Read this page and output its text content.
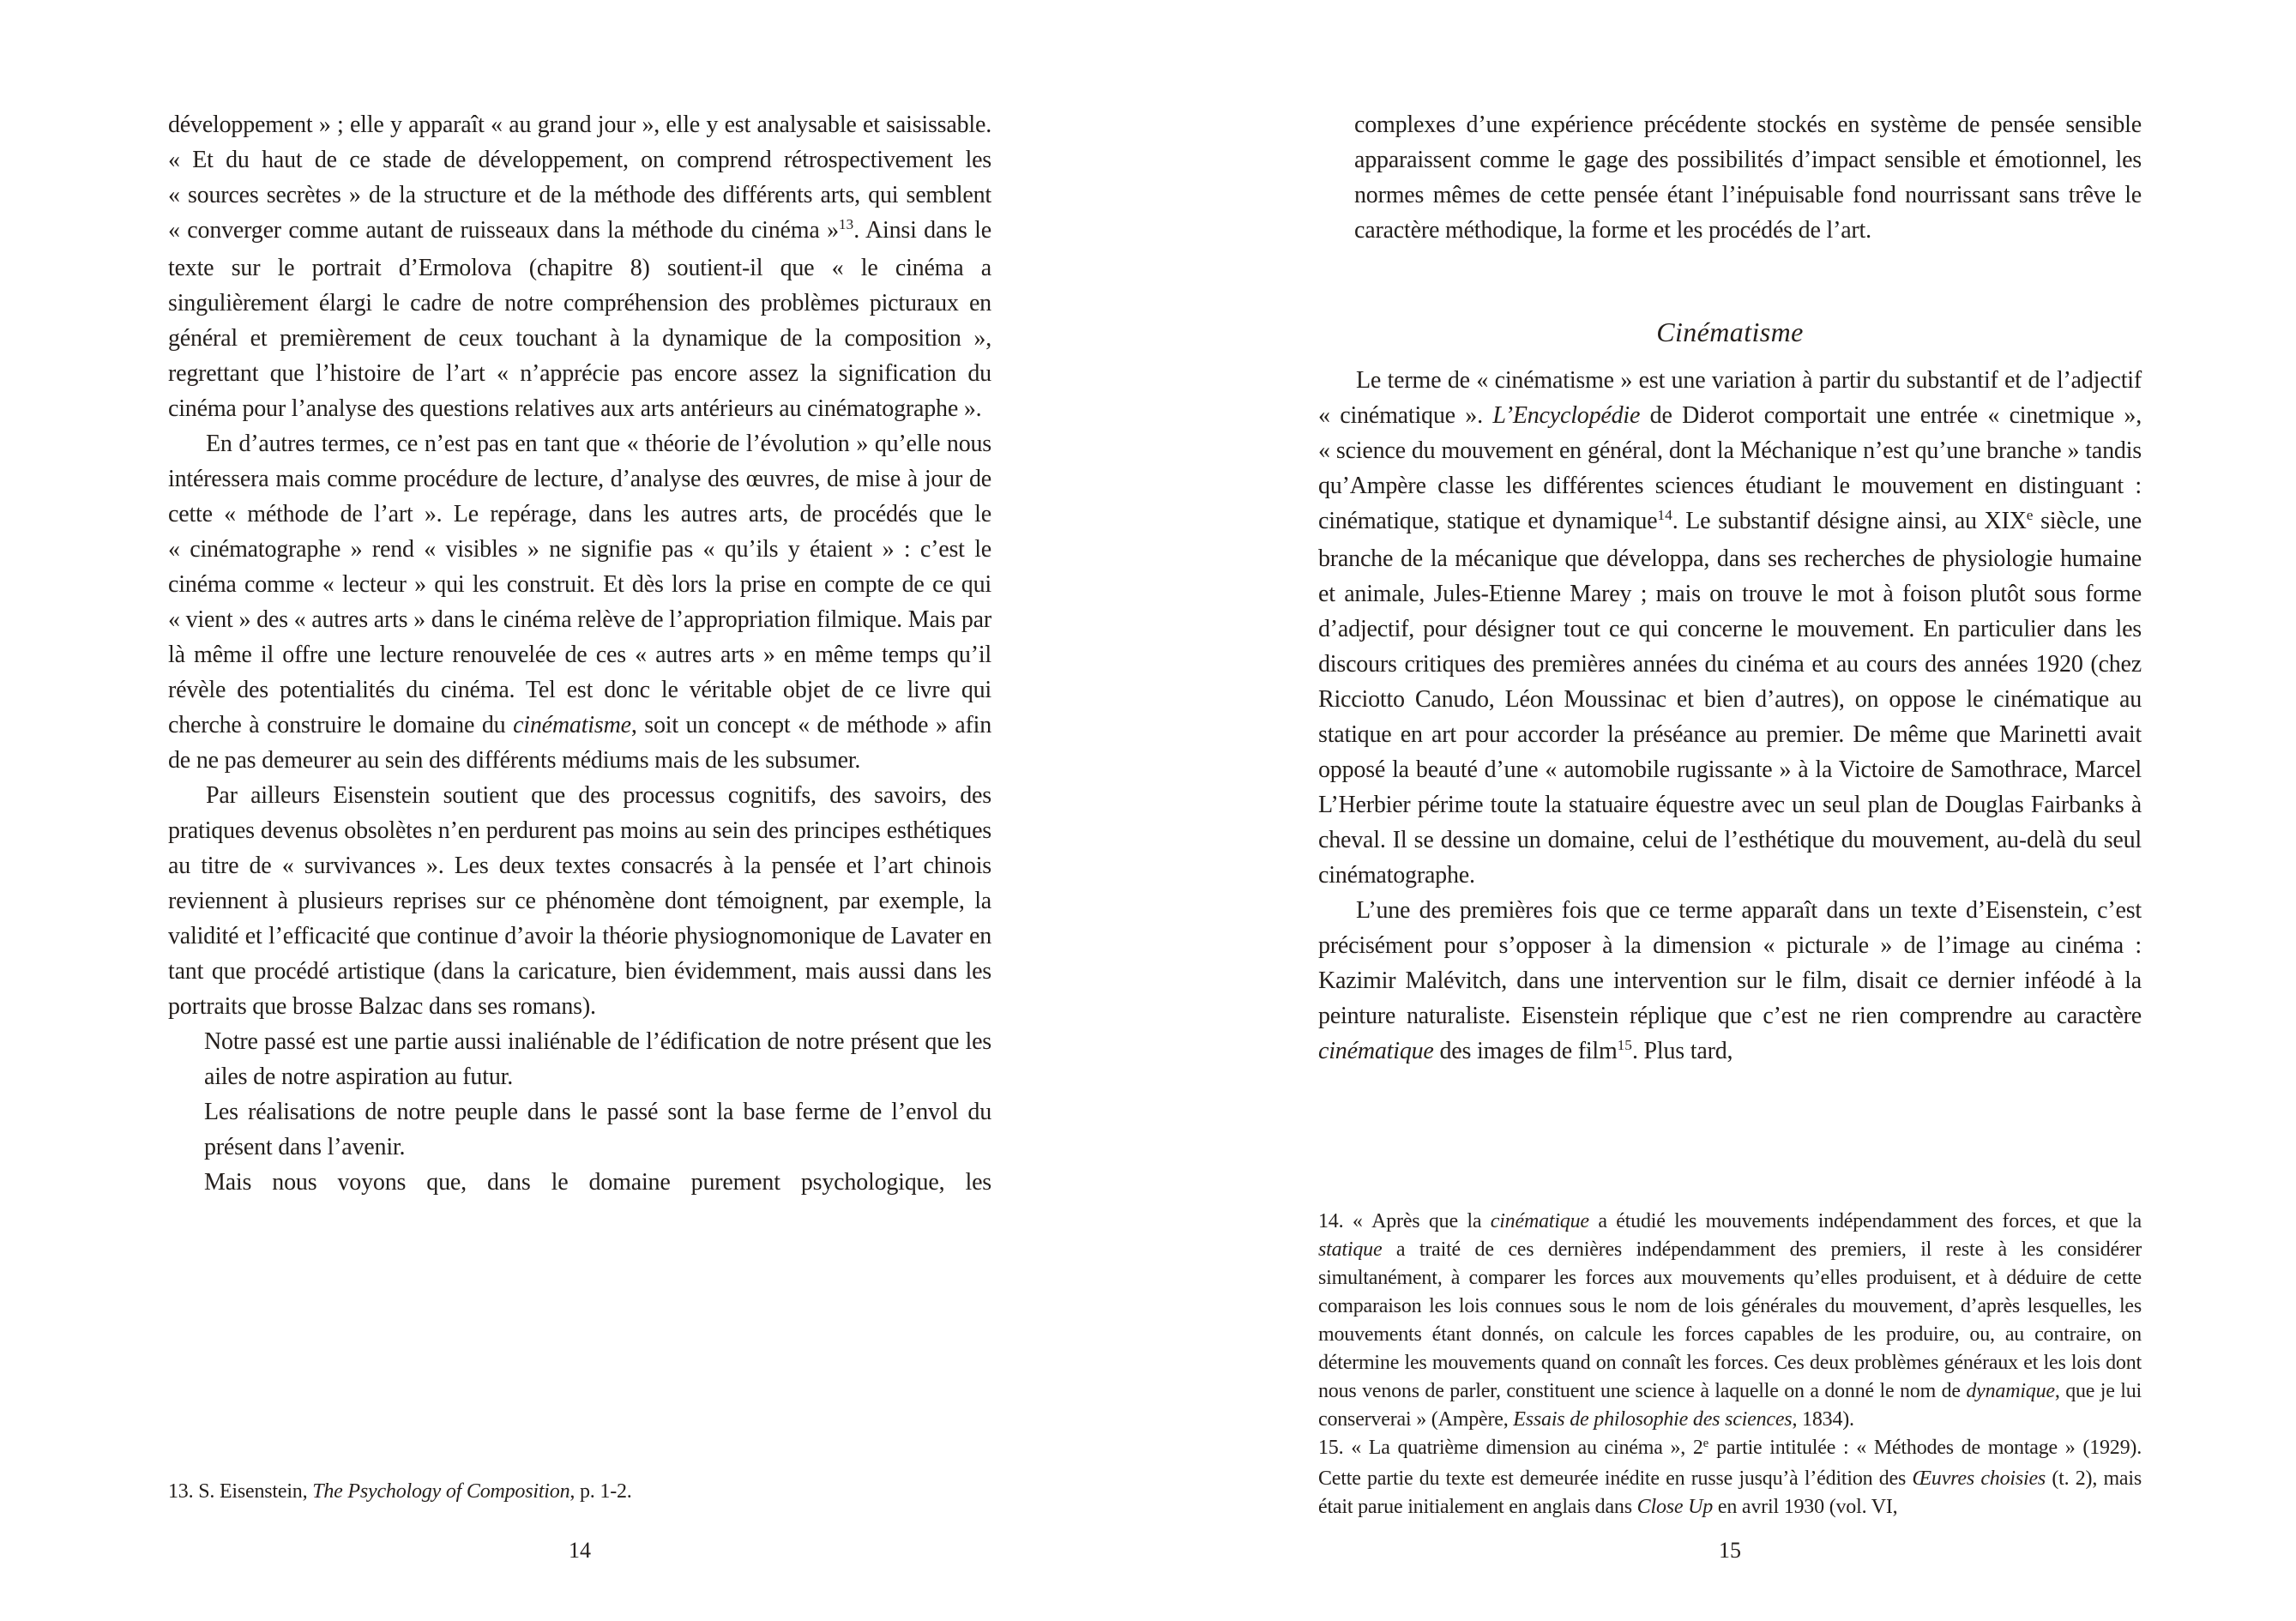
développement » ; elle y apparaît « au grand jour », elle y est analysable et saisissable. « Et du haut de ce stade de développement, on comprend rétrospectivement les « sources secrètes » de la structure et de la méthode des différents arts, qui semblent « converger comme autant de ruisseaux dans la méthode du cinéma »$^{13}$. Ainsi dans le texte sur le portrait d’Ermolova (chapitre 8) soutient-il que « le cinéma a singulièrement élargi le cadre de notre compréhension des problèmes picturaux en général et premièrement de ceux touchant à la dynamique de la composition », regrettant que l’histoire de l’art « n’apprécie pas encore assez la signification du cinéma pour l’analyse des questions relatives aux arts antérieurs au cinématographe ».

En d’autres termes, ce n’est pas en tant que « théorie de l’évolution » qu’elle nous intéressera mais comme procédure de lecture, d’analyse des œuvres, de mise à jour de cette « méthode de l’art ». Le repérage, dans les autres arts, de procédés que le « cinématographe » rend « visibles » ne signifie pas « qu’ils y étaient » : c’est le cinéma comme « lecteur » qui les construit. Et dès lors la prise en compte de ce qui « vient » des « autres arts » dans le cinéma relève de l’appropriation filmique. Mais par là même il offre une lecture renouvelée de ces « autres arts » en même temps qu’il révèle des potentialités du cinéma. Tel est donc le véritable objet de ce livre qui cherche à construire le domaine du cinématisme, soit un concept « de méthode » afin de ne pas demeurer au sein des différents médiums mais de les subsumer.

Par ailleurs Eisenstein soutient que des processus cognitifs, des savoirs, des pratiques devenus obsolètes n’en perdurent pas moins au sein des principes esthétiques au titre de « survivances ». Les deux textes consacrés à la pensée et l’art chinois reviennent à plusieurs reprises sur ce phénomène dont témoignent, par exemple, la validité et l’efficacité que continue d’avoir la théorie physiognomonique de Lavater en tant que procédé artistique (dans la caricature, bien évidemment, mais aussi dans les portraits que brosse Balzac dans ses romans).

Notre passé est une partie aussi inaliénable de l’édification de notre présent que les ailes de notre aspiration au futur.

Les réalisations de notre peuple dans le passé sont la base ferme de l’envol du présent dans l’avenir.

Mais nous voyons que, dans le domaine purement psychologique, les

13. S. Eisenstein, The Psychology of Composition, p. 1-2.

14

complexes d’une expérience précédente stockés en système de pensée sensible apparaissent comme le gage des possibilités d’impact sensible et émotionnel, les normes mêmes de cette pensée étant l’inépuisable fond nourrissant sans trêve le caractère méthodique, la forme et les procédés de l’art.

Cinématisme

Le terme de « cinématisme » est une variation à partir du substantif et de l’adjectif « cinématique ». L’Encyclopédie de Diderot comportait une entrée « cinetmique », « science du mouvement en général, dont la Méchanique n’est qu’une branche » tandis qu’Ampère classe les différentes sciences étudiant le mouvement en distinguant : cinématique, statique et dynamique$^{14}$. Le substantif désigne ainsi, au XIXe siècle, une branche de la mécanique que développa, dans ses recherches de physiologie humaine et animale, Jules-Etienne Marey ; mais on trouve le mot à foison plutôt sous forme d’adjectif, pour désigner tout ce qui concerne le mouvement. En particulier dans les discours critiques des premières années du cinéma et au cours des années 1920 (chez Ricciotto Canudo, Léon Moussinac et bien d’autres), on oppose le cinématique au statique en art pour accorder la préséance au premier. De même que Marinetti avait opposé la beauté d’une « automobile rugissante » à la Victoire de Samothrace, Marcel L’Herbier périme toute la statuaire équestre avec un seul plan de Douglas Fairbanks à cheval. Il se dessine un domaine, celui de l’esthétique du mouvement, au-delà du seul cinématographe.

L’une des premières fois que ce terme apparaît dans un texte d’Eisenstein, c’est précisément pour s’opposer à la dimension « picturale » de l’image au cinéma : Kazimir Malévitch, dans une intervention sur le film, disait ce dernier inféodé à la peinture naturaliste. Eisenstein réplique que c’est ne rien comprendre au caractère cinématique des images de film$^{15}$. Plus tard,

14. « Après que la cinématique a étudié les mouvements indépendamment des forces, et que la statique a traité de ces dernières indépendamment des premiers, il reste à les considérer simultanément, à comparer les forces aux mouvements qu’elles produisent, et à déduire de cette comparaison les lois connues sous le nom de lois générales du mouvement, d’après lesquelles, les mouvements étant donnés, on calcule les forces capables de les produire, ou, au contraire, on détermine les mouvements quand on connaît les forces. Ces deux problèmes généraux et les lois dont nous venons de parler, constituent une science à laquelle on a donné le nom de dynamique, que je lui conserverai » (Ampère, Essais de philosophie des sciences, 1834).

15. « La quatrième dimension au cinéma », 2e partie intitulée : « Méthodes de montage » (1929). Cette partie du texte est demeurée inédite en russe jusqu’à l’édition des Œuvres choisies (t. 2), mais était parue initialement en anglais dans Close Up en avril 1930 (vol. VI,

15
